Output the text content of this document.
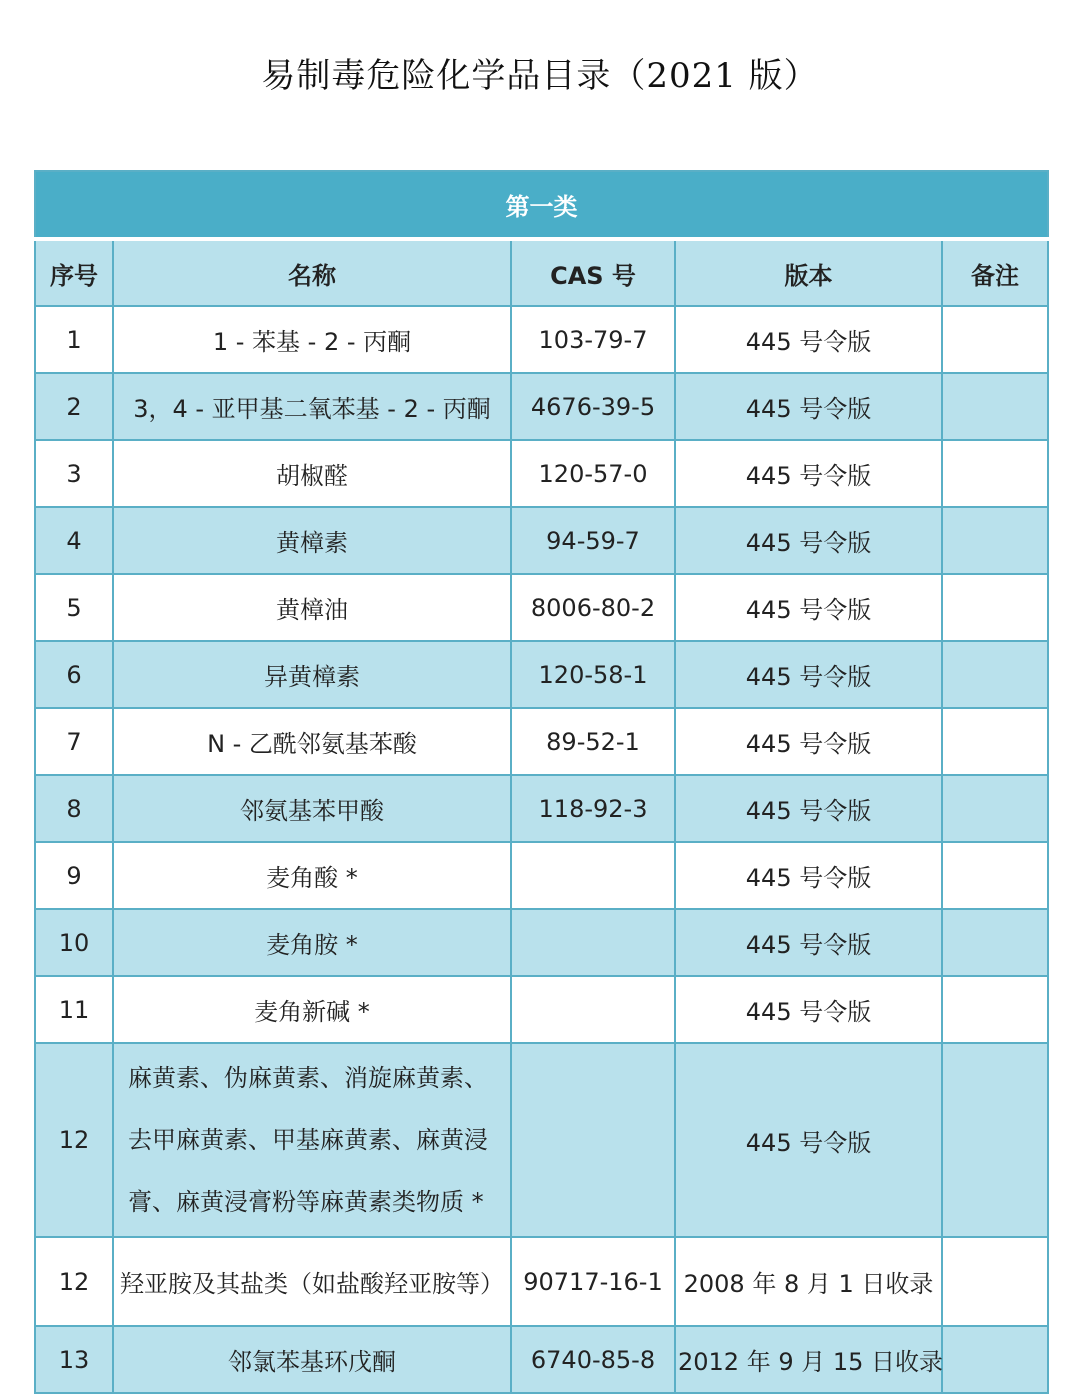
易制毒危险化学品目录（2021 版）
第一类				
序号	名称	CAS 号	版本	备注
1	1 - 苯基 - 2 - 丙酮	103-79-7	445 号令版	
2	3，4 - 亚甲基二氧苯基 - 2 - 丙酮	4676-39-5	445 号令版	
3	胡椒醛	120-57-0	445 号令版	
4	黄樟素	94-59-7	445 号令版	
5	黄樟油	8006-80-2	445 号令版	
6	异黄樟素	120-58-1	445 号令版	
7	N - 乙酰邻氨基苯酸	89-52-1	445 号令版	
8	邻氨基苯甲酸	118-92-3	445 号令版	
9	麦角酸 *		445 号令版	
10	麦角胺 *		445 号令版	
11	麦角新碱 *		445 号令版	
12	麻黄素、伪麻黄素、消旋麻黄素、去甲麻黄素、甲基麻黄素、麻黄浸膏、麻黄浸膏粉等麻黄素类物质 *		445 号令版	
12	羟亚胺及其盐类（如盐酸羟亚胺等）	90717-16-1	2008 年 8 月 1 日收录	
13	邻氯苯基环戊酮	6740-85-8	2012 年 9 月 15 日收录	
